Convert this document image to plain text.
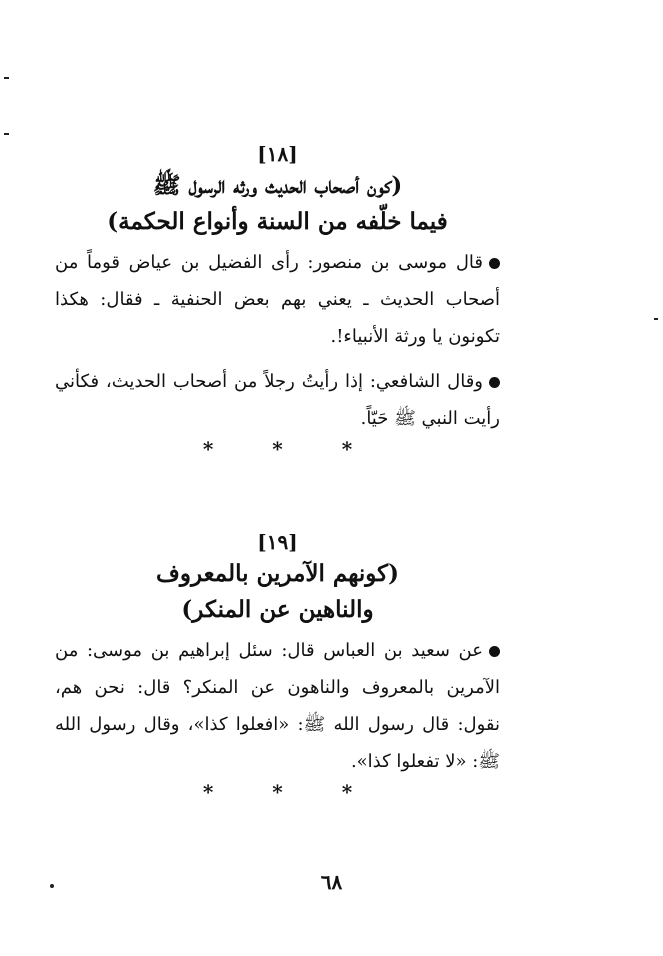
[١٨]
(كون أصحاب الحديث ورثه الرسول ﷺ
فيما خلّفه من السنة وأنواع الحكمة)

قال موسى بن منصور: رأى الفضيل بن عياض قوماً من أصحاب الحديث ـ يعني بهم بعض الحنفية ـ فقال: هكذا تكونون يا ورثة الأنبياء!.

وقال الشافعي: إذا رأيتُ رجلاً من أصحاب الحديث، فكأني رأيت النبي ﷺ حَيّاً.

* * *
[١٩]
(كونهم الآمرين بالمعروف
والناهين عن المنكر)

عن سعيد بن العباس قال: سئل إبراهيم بن موسى: من الآمرين بالمعروف والناهون عن المنكر؟ قال: نحن هم، نقول: قال رسول الله ﷺ: «افعلوا كذا»، وقال رسول الله ﷺ: «لا تفعلوا كذا».

* * *
٦٨
